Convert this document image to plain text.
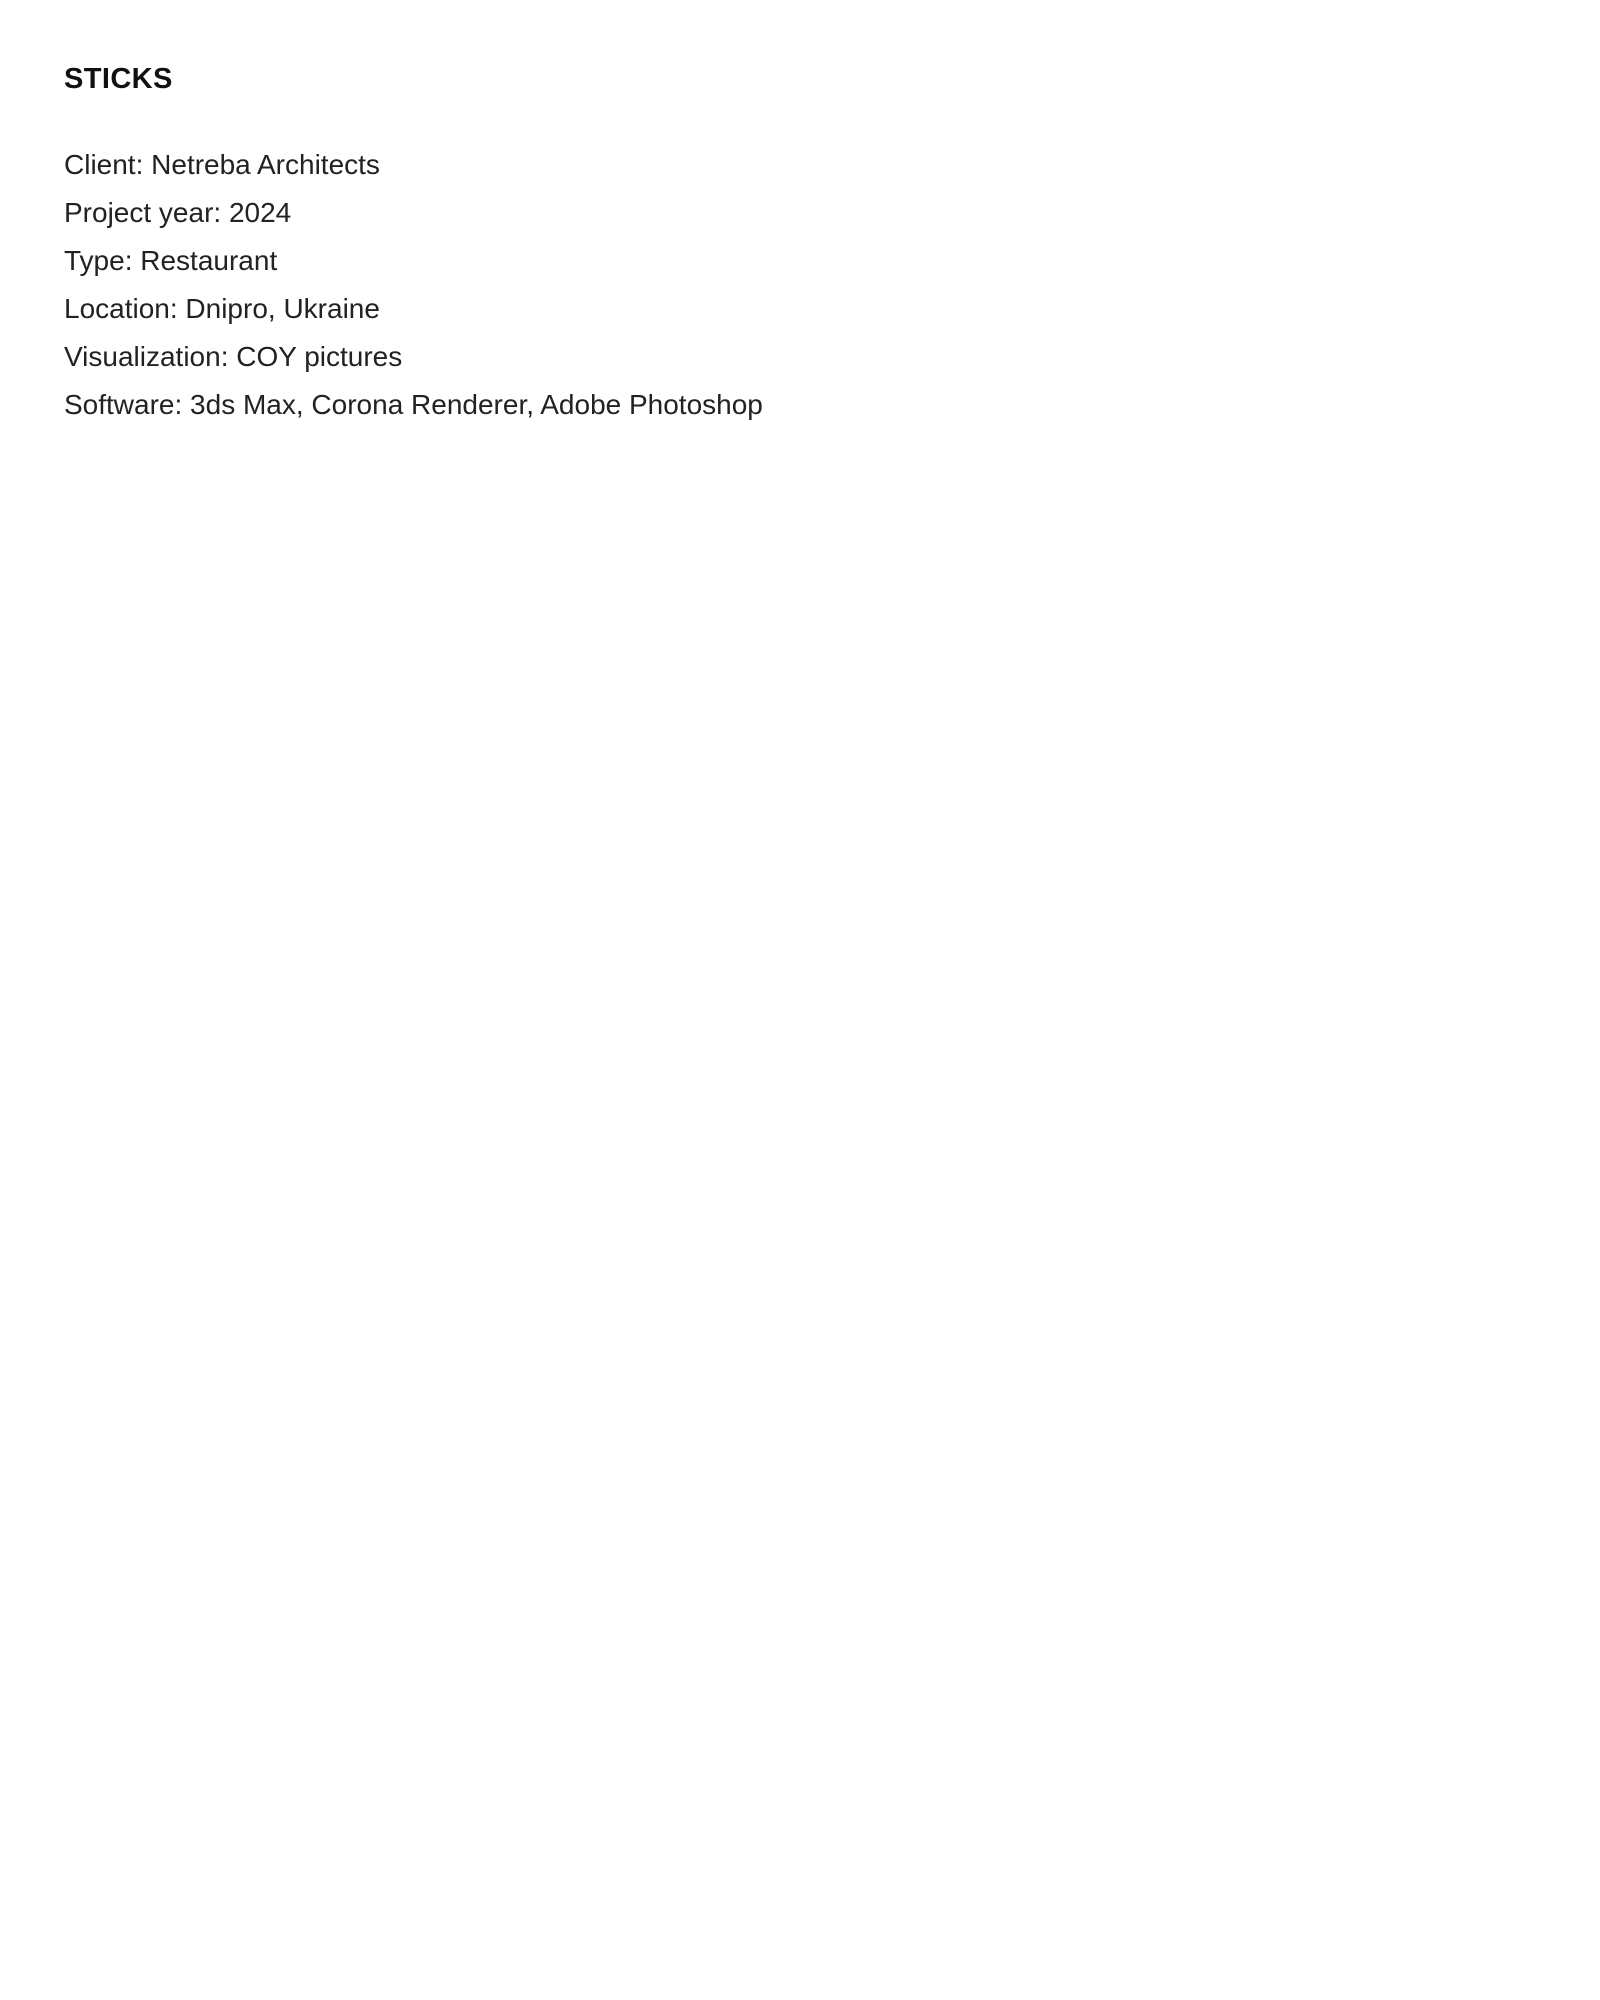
STICKS
Client: Netreba Architects
Project year: 2024
Type: Restaurant
Location: Dnipro, Ukraine
Visualization: COY pictures
Software: 3ds Max, Corona Renderer, Adobe Photoshop
